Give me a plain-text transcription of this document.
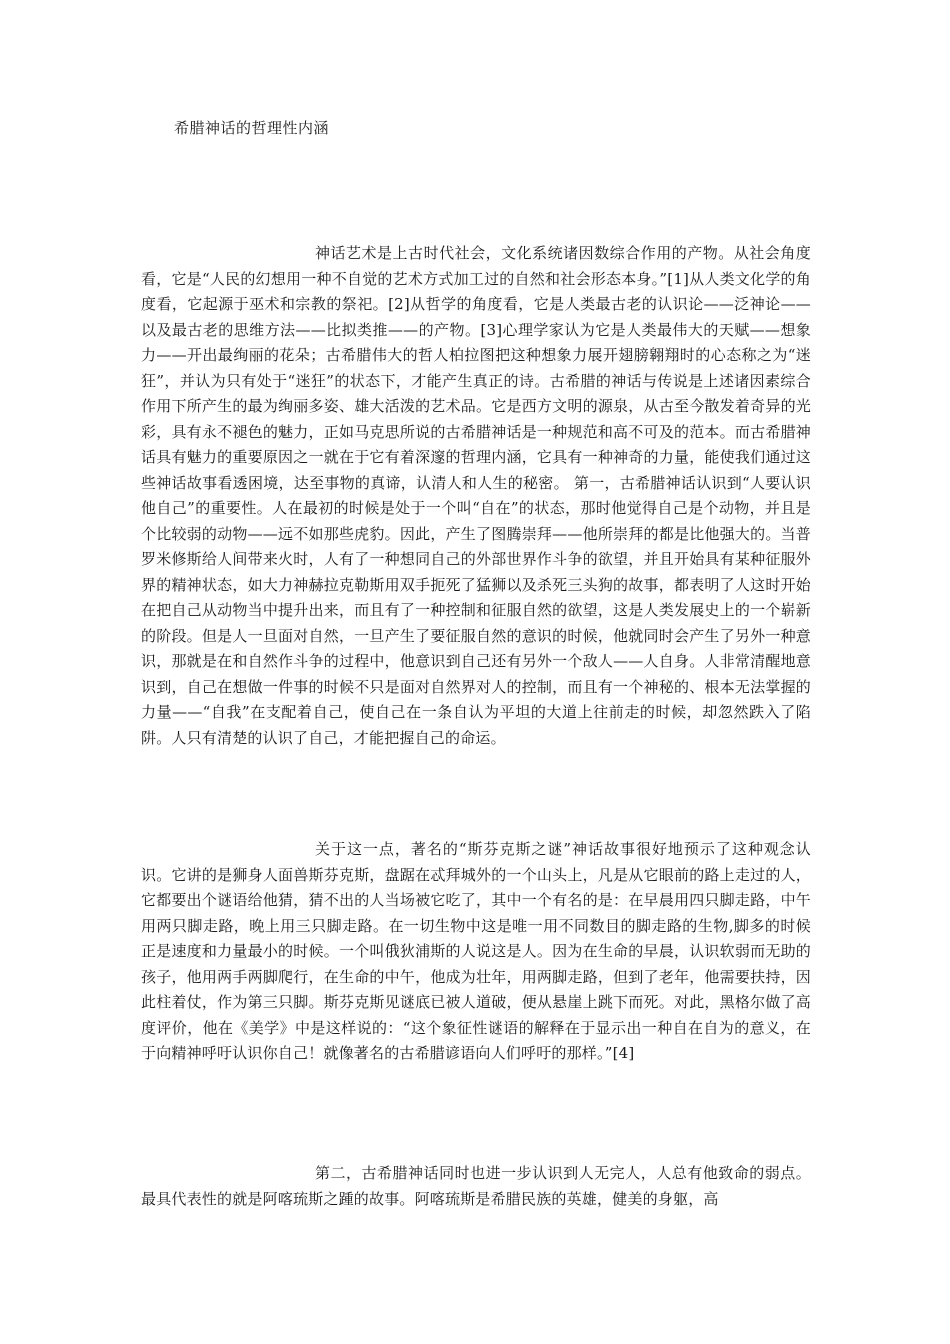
希腊神话的哲理性内涵

神话艺术是上古时代社会，文化系统诸因数综合作用的产物。从社会角度看，它是“人民的幻想用一种不自觉的艺术方式加工过的自然和社会形态本身。”[1]从人类文化学的角度看，它起源于巫术和宗教的祭祀。[2]从哲学的角度看，它是人类最古老的认识论——泛神论——以及最古老的思维方法——比拟类推——的产物。[3]心理学家认为它是人类最伟大的天赋——想象力——开出最绚丽的花朵；古希腊伟大的哲人柏拉图把这种想象力展开翅膀翱翔时的心态称之为“迷狂”，并认为只有处于“迷狂”的状态下，才能产生真正的诗。古希腊的神话与传说是上述诸因素综合作用下所产生的最为绚丽多姿、雄大活泼的艺术品。它是西方文明的源泉，从古至今散发着奇异的光彩，具有永不褪色的魅力，正如马克思所说的古希腊神话是一种规范和高不可及的范本。而古希腊神话具有魅力的重要原因之一就在于它有着深邃的哲理内涵，它具有一种神奇的力量，能使我们通过这些神话故事看透困境，达至事物的真谛，认清人和人生的秘密。 第一，古希腊神话认识到“人要认识他自己”的重要性。人在最初的时候是处于一个叫“自在”的状态，那时他觉得自己是个动物，并且是个比较弱的动物——远不如那些虎豹。因此，产生了图腾崇拜——他所崇拜的都是比他强大的。当普罗米修斯给人间带来火时，人有了一种想同自己的外部世界作斗争的欲望，并且开始具有某种征服外界的精神状态，如大力神赫拉克勒斯用双手扼死了猛狮以及杀死三头狗的故事，都表明了人这时开始在把自己从动物当中提升出来，而且有了一种控制和征服自然的欲望，这是人类发展史上的一个崭新的阶段。但是人一旦面对自然，一旦产生了要征服自然的意识的时候，他就同时会产生了另外一种意识，那就是在和自然作斗争的过程中，他意识到自己还有另外一个敌人——人自身。人非常清醒地意识到，自己在想做一件事的时候不只是面对自然界对人的控制，而且有一个神秘的、根本无法掌握的力量——“自我”在支配着自己，使自己在一条自认为平坦的大道上往前走的时候，却忽然跌入了陷阱。人只有清楚的认识了自己，才能把握自己的命运。

关于这一点，著名的“斯芬克斯之谜”神话故事很好地预示了这种观念认识。它讲的是狮身人面兽斯芬克斯，盘踞在忒拜城外的一个山头上，凡是从它眼前的路上走过的人，它都要出个谜语给他猜，猜不出的人当场被它吃了，其中一个有名的是：在早晨用四只脚走路，中午用两只脚走路，晚上用三只脚走路。在一切生物中这是唯一用不同数目的脚走路的生物,脚多的时候正是速度和力量最小的时候。一个叫俄狄浦斯的人说这是人。因为在生命的早晨，认识软弱而无助的孩子，他用两手两脚爬行，在生命的中午，他成为壮年，用两脚走路，但到了老年，他需要扶持，因此柱着仗，作为第三只脚。斯芬克斯见谜底已被人道破，便从悬崖上跳下而死。对此，黑格尔做了高度评价，他在《美学》中是这样说的：“这个象征性谜语的解释在于显示出一种自在自为的意义，在于向精神呼吁认识你自己！就像著名的古希腊谚语向人们呼吁的那样。”[4]

第二，古希腊神话同时也进一步认识到人无完人，人总有他致命的弱点。最具代表性的就是阿喀琉斯之踵的故事。阿喀琉斯是希腊民族的英雄，健美的身躯，高
